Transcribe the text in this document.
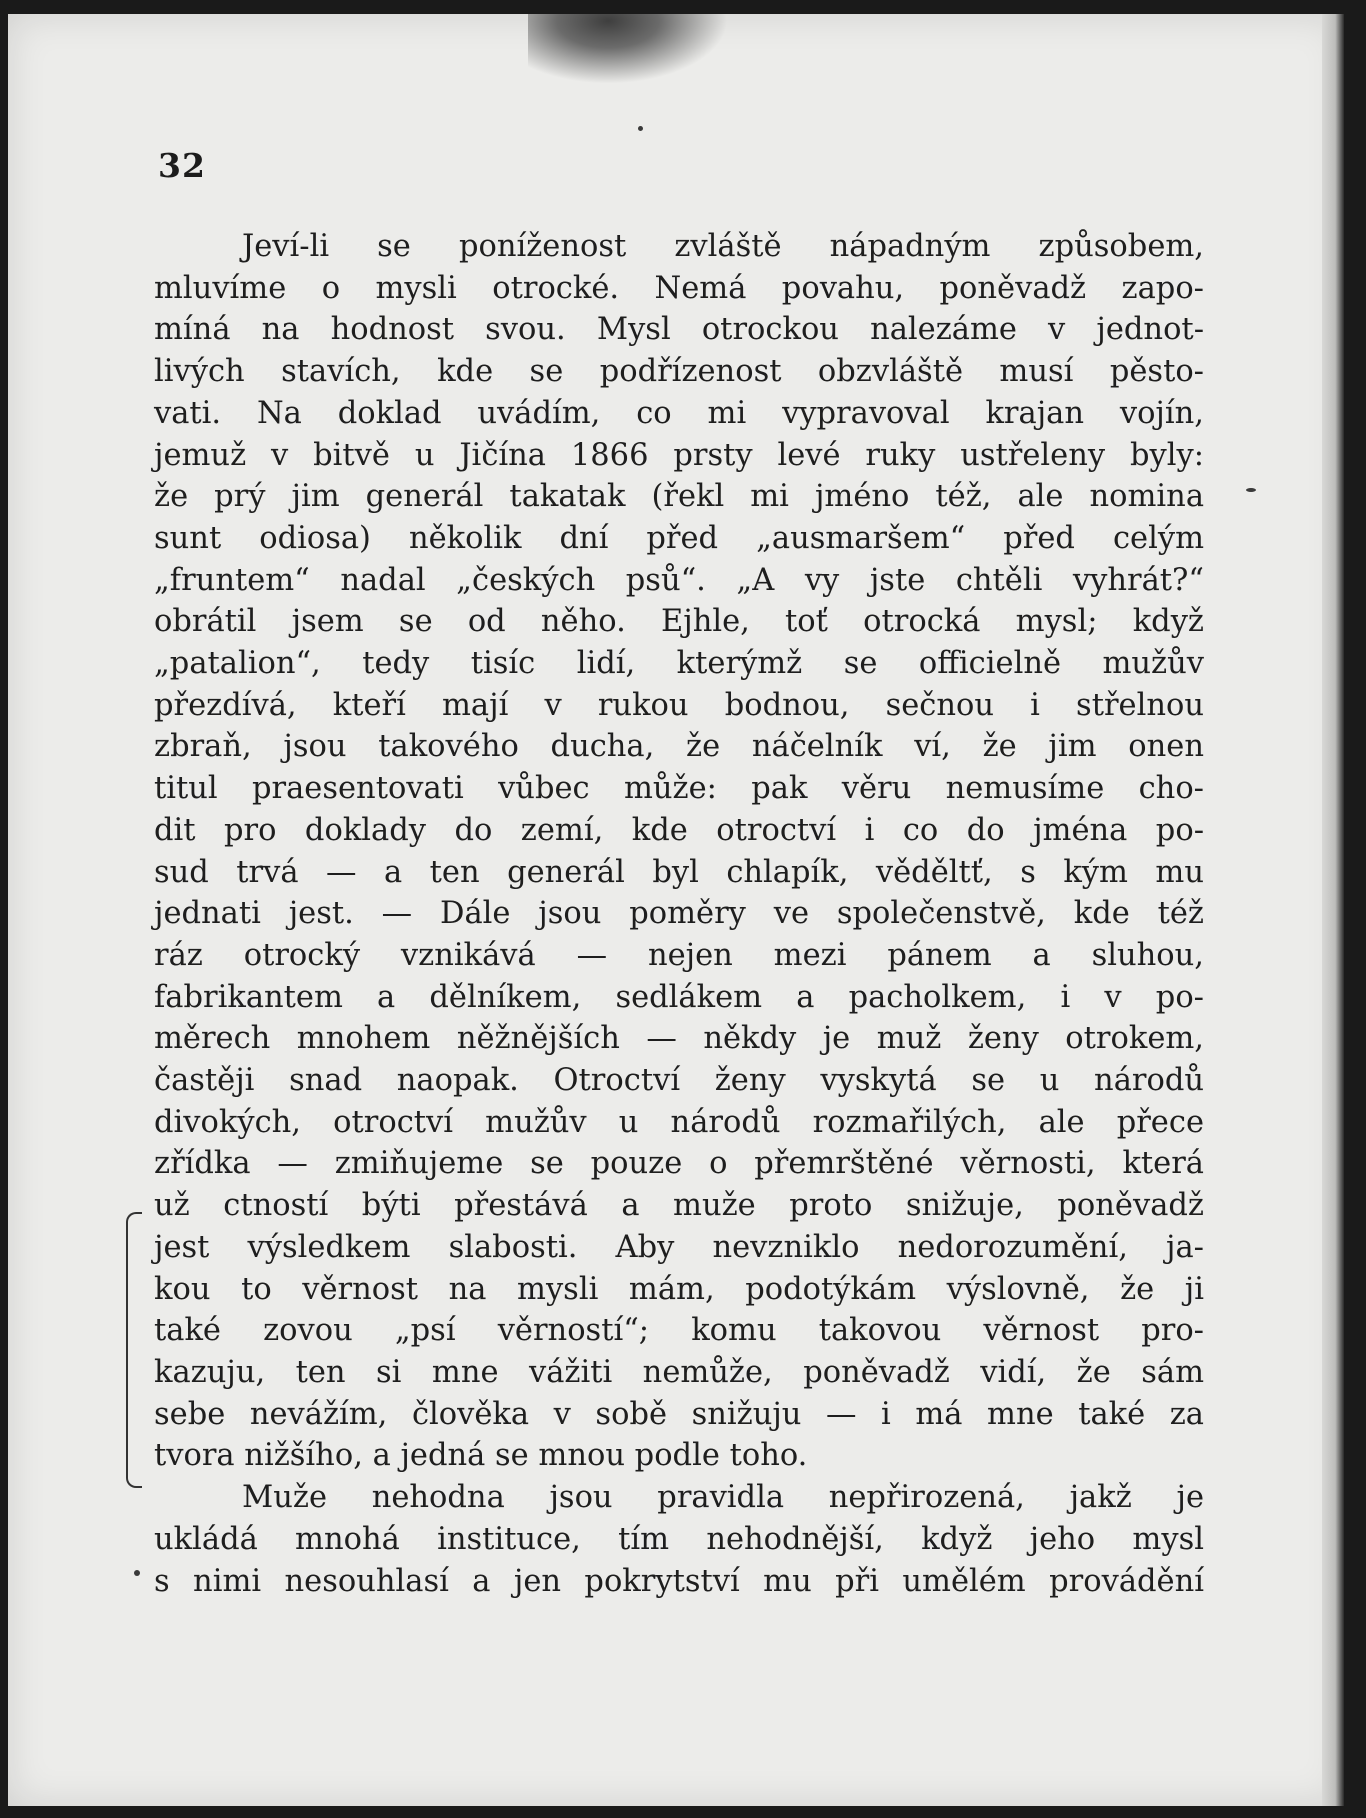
32
Jeví-li se poníženost zvláště nápadným způsobem,
mluvíme o mysli otrocké. Nemá povahu, poněvadž zapo-
míná na hodnost svou. Mysl otrockou nalezáme v jednot-
livých stavích, kde se podřízenost obzvláště musí pěsto-
vati. Na doklad uvádím, co mi vypravoval krajan vojín,
jemuž v bitvě u Jičína 1866 prsty levé ruky ustřeleny byly:
že prý jim generál takatak (řekl mi jméno též, ale nomina
sunt odiosa) několik dní před „ausmaršem“ před celým
„fruntem“ nadal „českých psů“. „A vy jste chtěli vyhrát?“
obrátil jsem se od něho. Ejhle, toť otrocká mysl; když
„patalion“, tedy tisíc lidí, kterýmž se officielně mužův
přezdívá, kteří mají v rukou bodnou, sečnou i střelnou
zbraň, jsou takového ducha, že náčelník ví, že jim onen
titul praesentovati vůbec může: pak věru nemusíme cho-
dit pro doklady do zemí, kde otroctví i co do jména po-
sud trvá — a ten generál byl chlapík, věděltť, s kým mu
jednati jest. — Dále jsou poměry ve společenstvě, kde též
ráz otrocký vznikává — nejen mezi pánem a sluhou,
fabrikantem a dělníkem, sedlákem a pacholkem, i v po-
měrech mnohem něžnějších — někdy je muž ženy otrokem,
častěji snad naopak. Otroctví ženy vyskytá se u národů
divokých, otroctví mužův u národů rozmařilých, ale přece
zřídka — zmiňujeme se pouze o přemrštěné věrnosti, která
už ctností býti přestává a muže proto snižuje, poněvadž
jest výsledkem slabosti. Aby nevzniklo nedorozumění, ja-
kou to věrnost na mysli mám, podotýkám výslovně, že ji
také zovou „psí věrností“; komu takovou věrnost pro-
kazuju, ten si mne vážiti nemůže, poněvadž vidí, že sám
sebe nevážím, člověka v sobě snižuju — i má mne také za
tvora nižšího, a jedná se mnou podle toho.
Muže nehodna jsou pravidla nepřirozená, jakž je
ukládá mnohá instituce, tím nehodnější, když jeho mysl
s nimi nesouhlasí a jen pokrytství mu při umělém provádění
